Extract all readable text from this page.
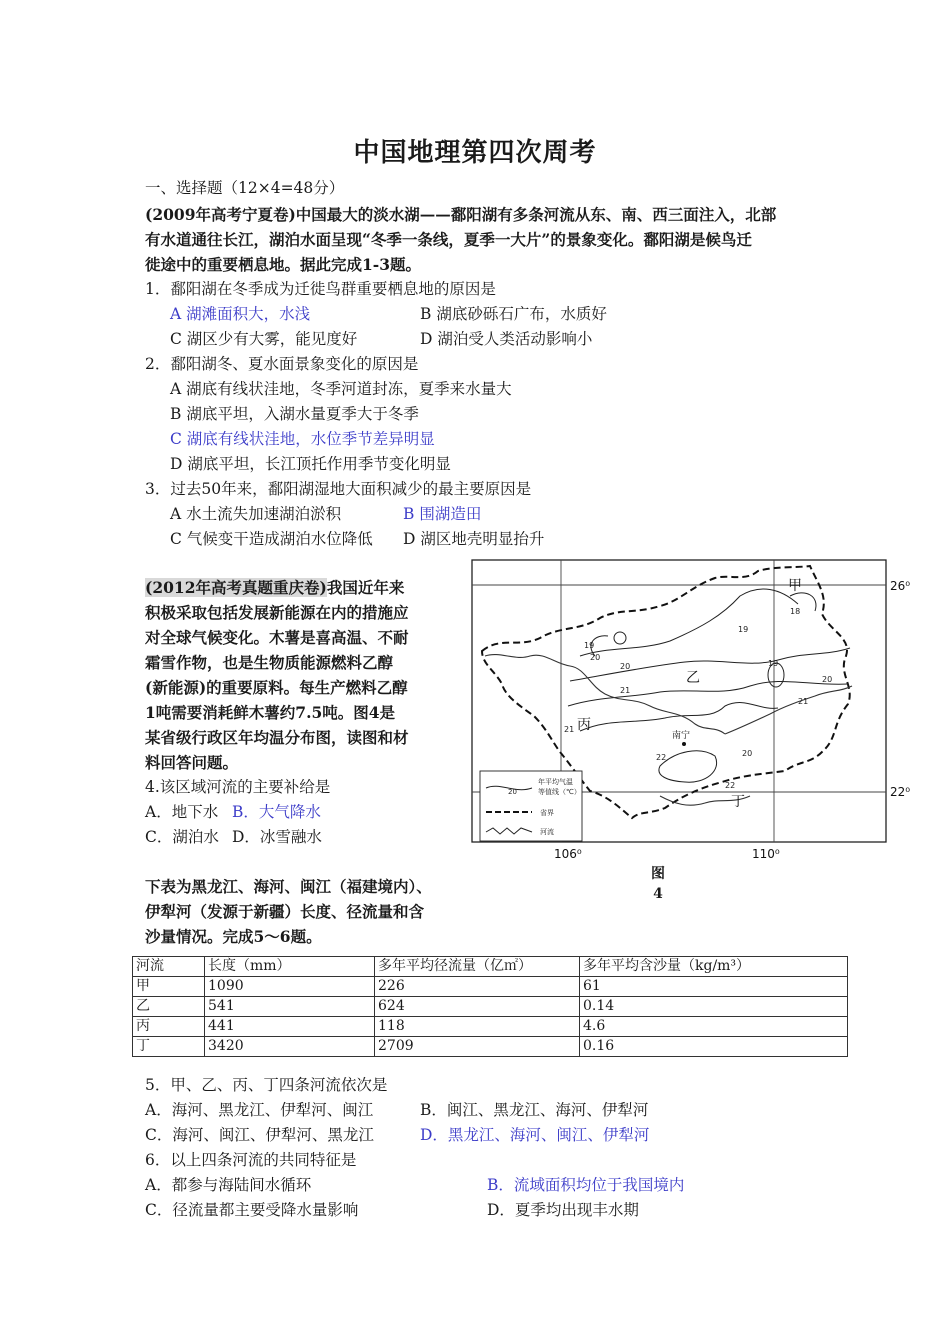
中国地理第四次周考
一、选择题（12×4=48分）
(2009年高考宁夏卷)中国最大的淡水湖——鄱阳湖有多条河流从东、南、西三面注入，北部
有水道通往长江，湖泊水面呈现“冬季一条线，夏季一大片”的景象变化。鄱阳湖是候鸟迁
徙途中的重要栖息地。据此完成1-3题。
1．鄱阳湖在冬季成为迁徙鸟群重要栖息地的原因是
A 湖滩面积大，水浅	B 湖底砂砾石广布，水质好
C 湖区少有大雾，能见度好	D 湖泊受人类活动影响小
2．鄱阳湖冬、夏水面景象变化的原因是
A 湖底有线状洼地，冬季河道封冻，夏季来水量大
B 湖底平坦，入湖水量夏季大于冬季
C 湖底有线状洼地，水位季节差异明显
D 湖底平坦，长江顶托作用季节变化明显
3．过去50年来，鄱阳湖湿地大面积减少的最主要原因是
A 水土流失加速湖泊淤积	B 围湖造田
C 气候变干造成湖泊水位降低 D 湖区地壳明显抬升
(2012年高考真题重庆卷)我国近年来
积极采取包括发展新能源在内的措施应
对全球气候变化。木薯是喜高温、不耐
霜雪作物，也是生物质能源燃料乙醇
(新能源)的重要原料。每生产燃料乙醇
1吨需要消耗鲜木薯约7.5吨。图4是
某省级行政区年均温分布图，读图和材
料回答问题。
4.该区域河流的主要补给是
A．地下水 B．大气降水
C．湖泊水 D．冰雪融水
下表为黑龙江、海河、闽江（福建境内）、
伊犁河（发源于新疆）长度、径流量和含
沙量情况。完成5～6题。
18
19
19
20
20
21
21
22
22
19
20
21
20
甲
乙
丙
丁
南宁
20
年平均气温
等值线（℃）
省界
河流
26⁰
22⁰
106⁰	110⁰
图
4
河流	长度（mm）	多年平均径流量（亿㎡）	多年平均含沙量（kg/m³）
甲	1090	226	61
乙	541	624	0.14
丙	441	118	4.6
丁	3420	2709	0.16
5．甲、乙、丙、丁四条河流依次是
A．海河、黑龙江、伊犁河、闽江	B．闽江、黑龙江、海河、伊犁河
C．海河、闽江、伊犁河、黑龙江	D．黑龙江、海河、闽江、伊犁河
6．以上四条河流的共同特征是
A．都参与海陆间水循环	B．流域面积均位于我国境内
C．径流量都主要受降水量影响	D．夏季均出现丰水期
